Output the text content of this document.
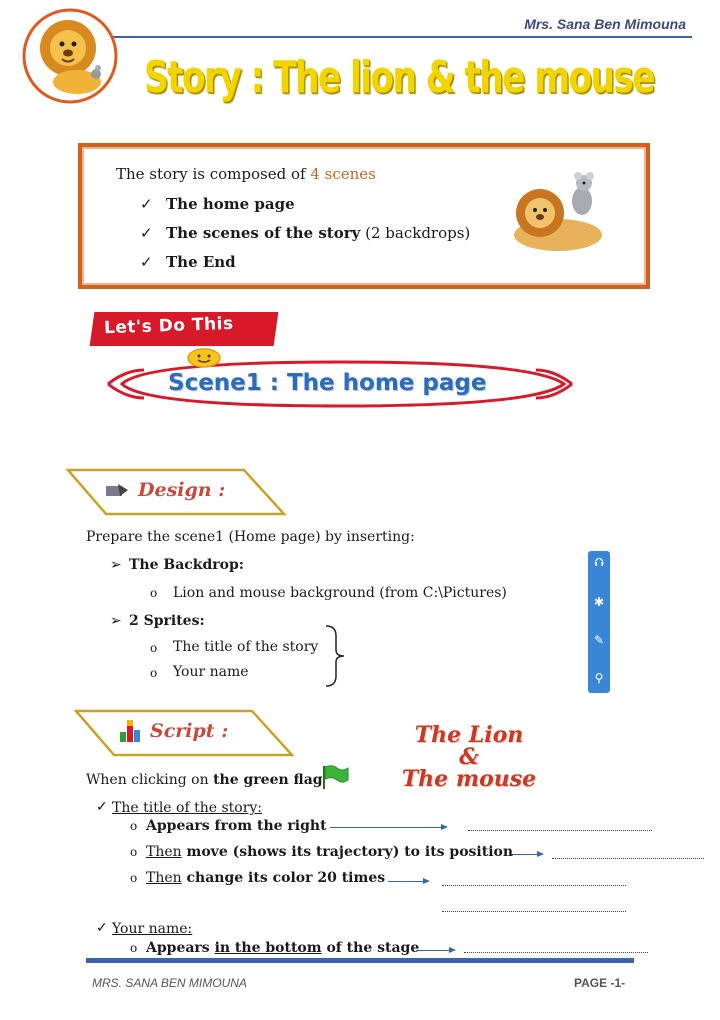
Mrs. Sana Ben Mimouna
Story : The lion & the mouse
The story is composed of 4 scenes
✓ The home page
✓ The scenes of the story (2 backdrops)
✓ The End
Let's Do This
Scene1 : The home page
Design :
Prepare the scene1 (Home page) by inserting:
➢ The Backdrop:
o Lion and mouse background (from C:\Pictures)
➢ 2 Sprites:
o The title of the story
o Your name
⮉
✱
✎
⚲
Script :	The Lion
&
The mouse
When clicking on the green flag
✓ The title of the story:
o Appears from the right
o Then move (shows its trajectory) to its position
o Then change its color 20 times
✓ Your name:
o Appears in the bottom of the stage
MRS. SANA BEN MIMOUNA	PAGE -1-
